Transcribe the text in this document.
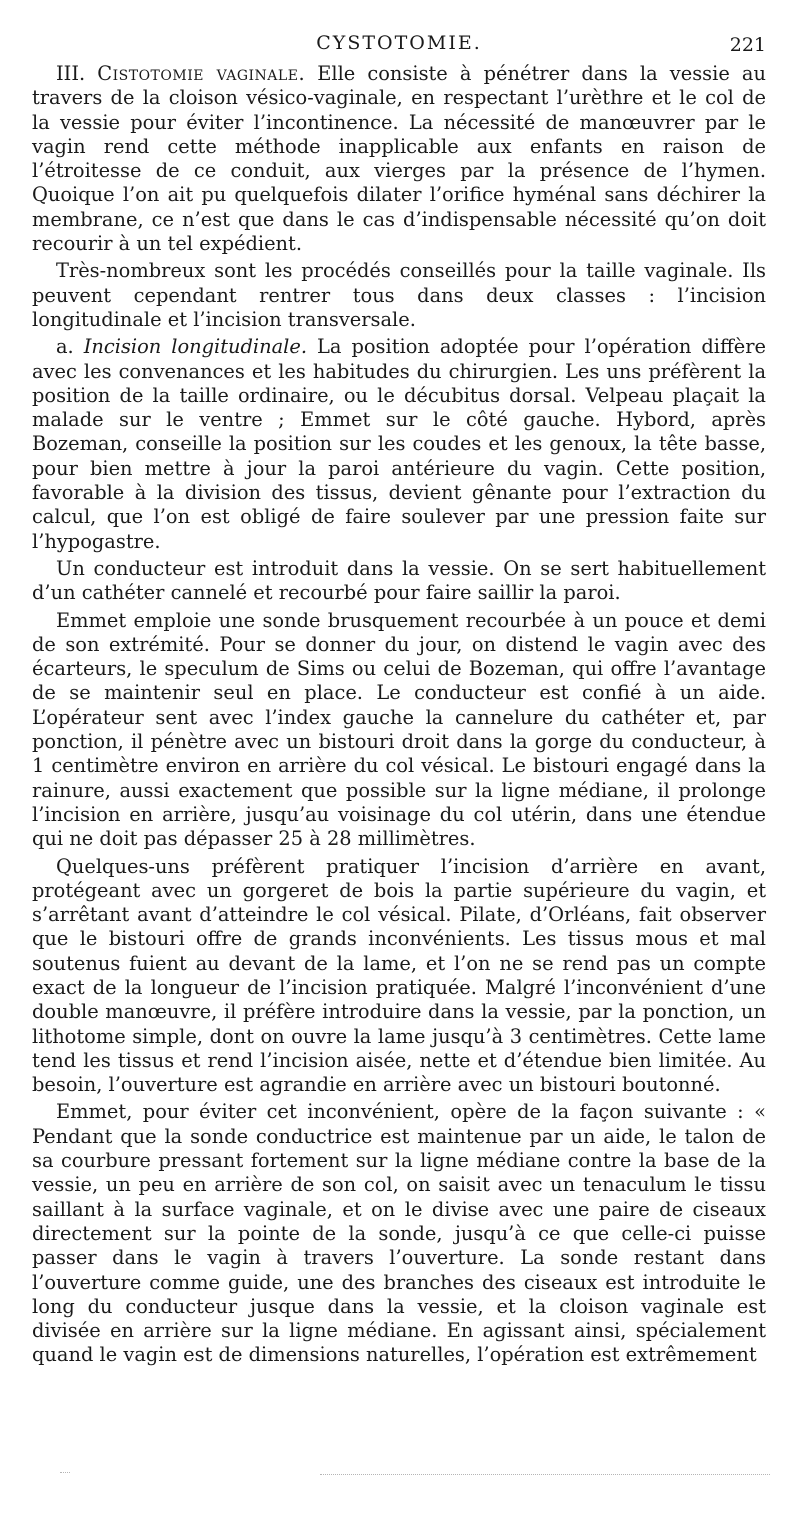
CYSTOTOMIE.	221

III. Cistotomie vaginale. Elle consiste à pénétrer dans la vessie au travers de la cloison vésico-vaginale, en respectant l’urèthre et le col de la vessie pour éviter l’incontinence. La nécessité de manœuvrer par le vagin rend cette méthode inapplicable aux enfants en raison de l’étroitesse de ce conduit, aux vierges par la présence de l’hymen. Quoique l’on ait pu quelquefois dilater l’orifice hyménal sans déchirer la membrane, ce n’est que dans le cas d’indispensable nécessité qu’on doit recourir à un tel expédient.

Très-nombreux sont les procédés conseillés pour la taille vaginale. Ils peuvent cependant rentrer tous dans deux classes : l’incision longitudinale et l’incision transversale.

a. Incision longitudinale. La position adoptée pour l’opération diffère avec les convenances et les habitudes du chirurgien. Les uns préfèrent la position de la taille ordinaire, ou le décubitus dorsal. Velpeau plaçait la malade sur le ventre ; Emmet sur le côté gauche. Hybord, après Bozeman, conseille la position sur les coudes et les genoux, la tête basse, pour bien mettre à jour la paroi antérieure du vagin. Cette position, favorable à la division des tissus, devient gênante pour l’extraction du calcul, que l’on est obligé de faire soulever par une pression faite sur l’hypogastre.

Un conducteur est introduit dans la vessie. On se sert habituellement d’un cathéter cannelé et recourbé pour faire saillir la paroi.

Emmet emploie une sonde brusquement recourbée à un pouce et demi de son extrémité. Pour se donner du jour, on distend le vagin avec des écarteurs, le speculum de Sims ou celui de Bozeman, qui offre l’avantage de se maintenir seul en place. Le conducteur est confié à un aide. L’opérateur sent avec l’index gauche la cannelure du cathéter et, par ponction, il pénètre avec un bistouri droit dans la gorge du conducteur, à 1 centimètre environ en arrière du col vésical. Le bistouri engagé dans la rainure, aussi exactement que possible sur la ligne médiane, il prolonge l’incision en arrière, jusqu’au voisinage du col utérin, dans une étendue qui ne doit pas dépasser 25 à 28 millimètres.

Quelques-uns préfèrent pratiquer l’incision d’arrière en avant, protégeant avec un gorgeret de bois la partie supérieure du vagin, et s’arrêtant avant d’atteindre le col vésical. Pilate, d’Orléans, fait observer que le bistouri offre de grands inconvénients. Les tissus mous et mal soutenus fuient au devant de la lame, et l’on ne se rend pas un compte exact de la longueur de l’incision pratiquée. Malgré l’inconvénient d’une double manœuvre, il préfère introduire dans la vessie, par la ponction, un lithotome simple, dont on ouvre la lame jusqu’à 3 centimètres. Cette lame tend les tissus et rend l’incision aisée, nette et d’étendue bien limitée. Au besoin, l’ouverture est agrandie en arrière avec un bistouri boutonné.

Emmet, pour éviter cet inconvénient, opère de la façon suivante : « Pendant que la sonde conductrice est maintenue par un aide, le talon de sa courbure pressant fortement sur la ligne médiane contre la base de la vessie, un peu en arrière de son col, on saisit avec un tenaculum le tissu saillant à la surface vaginale, et on le divise avec une paire de ciseaux directement sur la pointe de la sonde, jusqu’à ce que celle-ci puisse passer dans le vagin à travers l’ouverture. La sonde restant dans l’ouverture comme guide, une des branches des ciseaux est introduite le long du conducteur jusque dans la vessie, et la cloison vaginale est divisée en arrière sur la ligne médiane. En agissant ainsi, spécialement quand le vagin est de dimensions naturelles, l’opération est extrêmement
